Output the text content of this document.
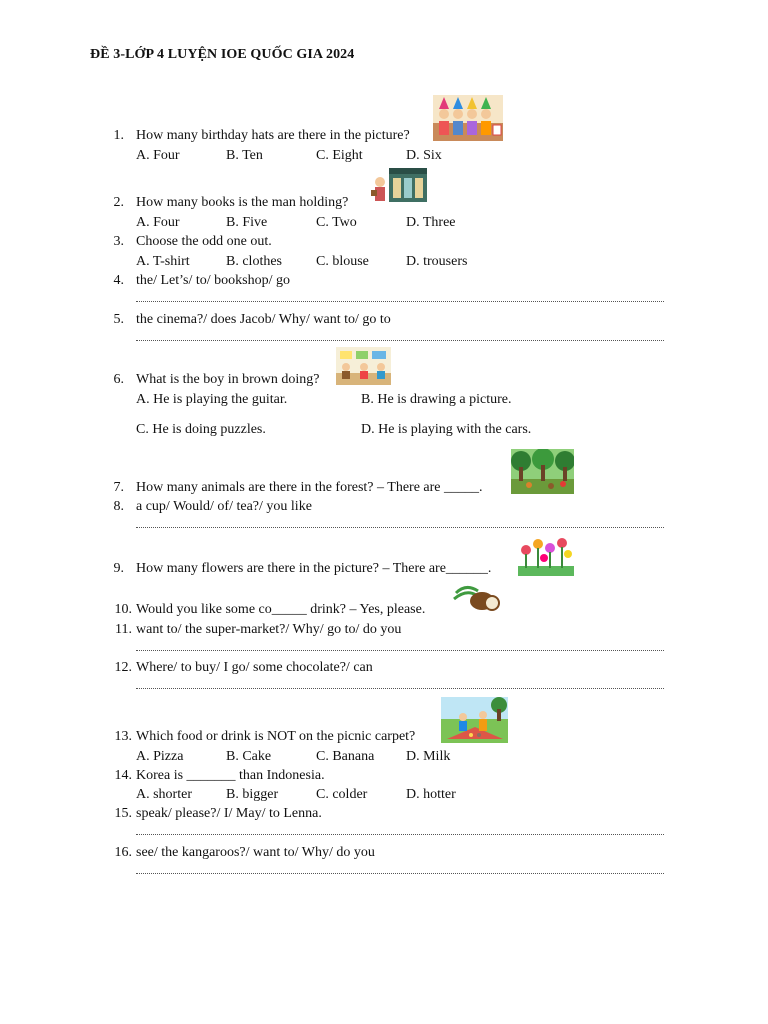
ĐỀ 3-LỚP 4 LUYỆN IOE QUỐC GIA 2024
1. How many birthday hats are there in the picture?
A. Four	B. Ten	C. Eight	D. Six
2. How many books is the man holding?
A. Four	B. Five	C. Two	D. Three
3. Choose the odd one out.
A. T-shirt	B. clothes C. blouse	D. trousers
4. the/ Let’s/ to/ bookshop/ go
5. the cinema?/ does Jacob/ Why/ want to/ go to
6. What is the boy in brown doing?
A. He is playing the guitar.	B. He is drawing a picture.
C. He is doing puzzles.	D. He is playing with the cars.
7. How many animals are there in the forest? – There are _____.
8. a cup/ Would/ of/ tea?/ you like
9. How many flowers are there in the picture? – There are______.
10. Would you like some co_____ drink? – Yes, please.
11. want to/ the super-market?/ Why/ go to/ do you
12. Where/ to buy/ I go/ some chocolate?/ can
13. Which food or drink is NOT on the picnic carpet?
A. Pizza	B. Cake	C. Banana D. Milk
14. Korea is _______ than Indonesia.
A. shorter B. bigger	C. colder	D. hotter
15. speak/ please?/ I/ May/ to Lenna.
16. see/ the kangaroos?/ want to/ Why/ do you
